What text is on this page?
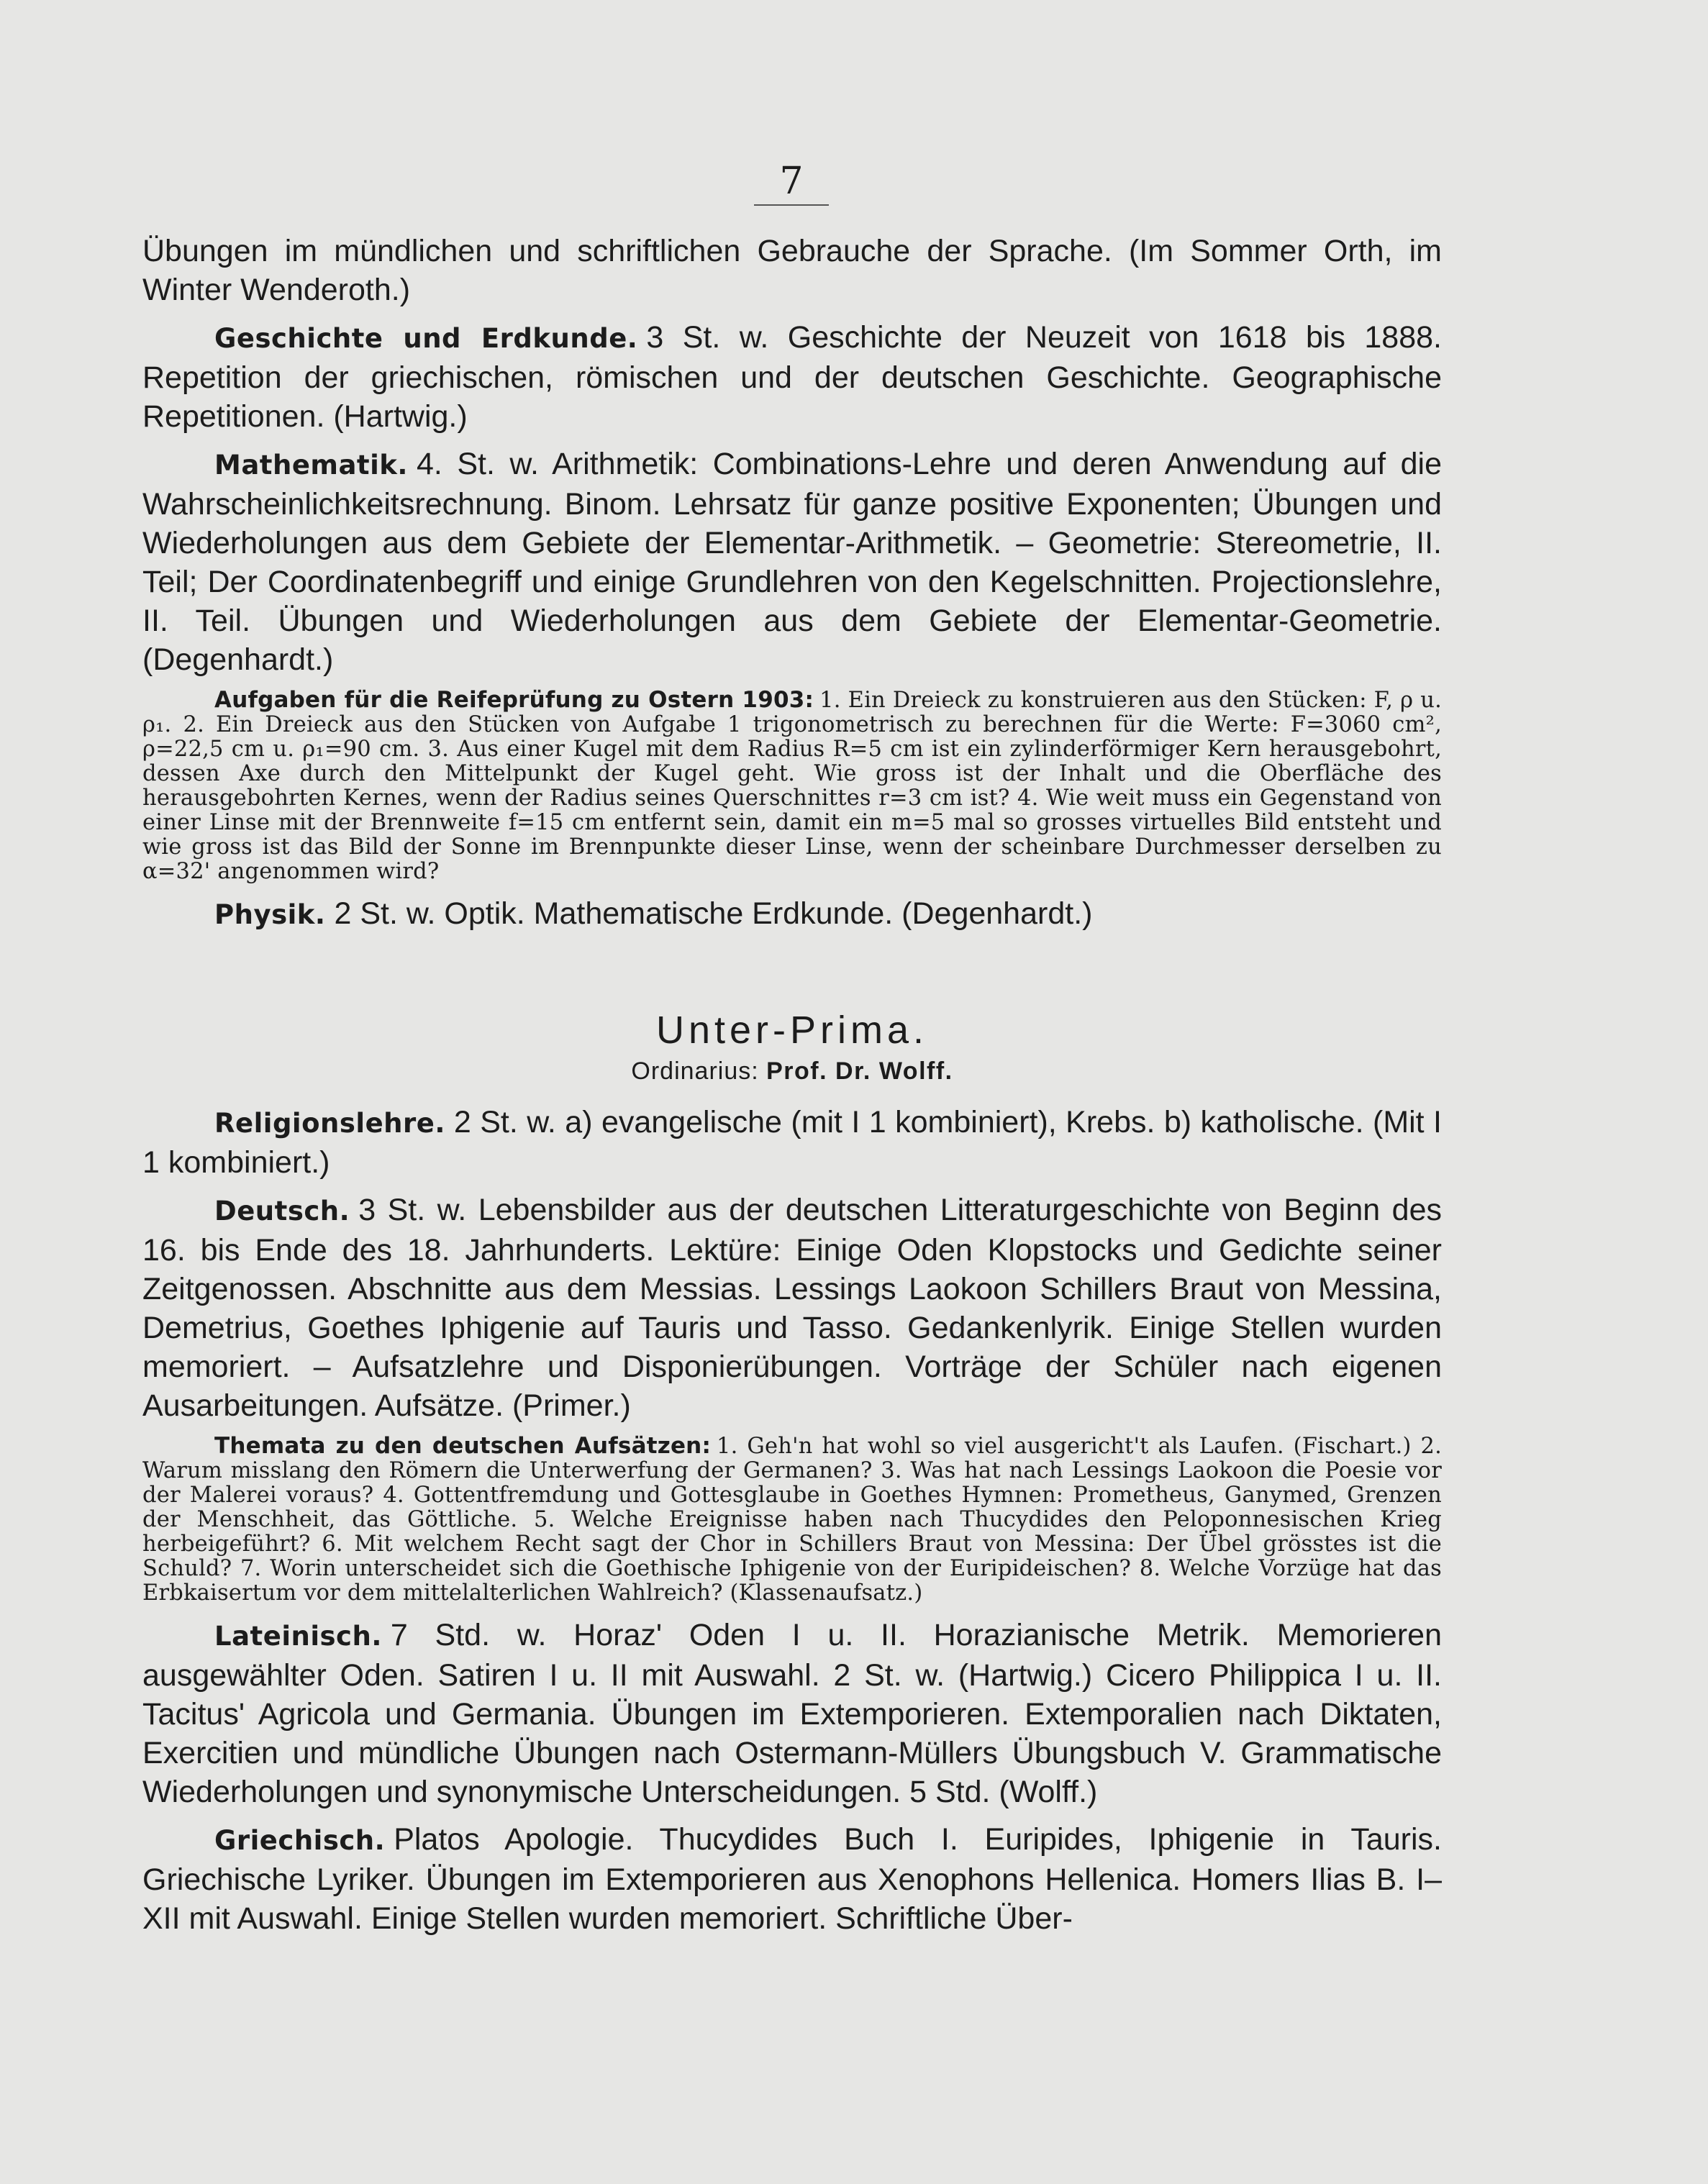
7

Übungen im mündlichen und schriftlichen Gebrauche der Sprache. (Im Sommer Orth, im Winter Wenderoth.)

Geschichte und Erdkunde. 3 St. w. Geschichte der Neuzeit von 1618 bis 1888. Repetition der griechischen, römischen und der deutschen Geschichte. Geographische Repetitionen. (Hartwig.)

Mathematik. 4. St. w. Arithmetik: Combinations-Lehre und deren Anwendung auf die Wahrscheinlichkeitsrechnung. Binom. Lehrsatz für ganze positive Exponenten; Übungen und Wiederholungen aus dem Gebiete der Elementar-Arithmetik. – Geometrie: Stereometrie, II. Teil; Der Coordinatenbegriff und einige Grundlehren von den Kegelschnitten. Projectionslehre, II. Teil. Übungen und Wiederholungen aus dem Gebiete der Elementar-Geometrie. (Degenhardt.)

Aufgaben für die Reifeprüfung zu Ostern 1903: 1. Ein Dreieck zu konstruieren aus den Stücken: F, ρ u. ρ₁. 2. Ein Dreieck aus den Stücken von Aufgabe 1 trigonometrisch zu berechnen für die Werte: F=3060 cm², ρ=22,5 cm u. ρ₁=90 cm. 3. Aus einer Kugel mit dem Radius R=5 cm ist ein zylinderförmiger Kern herausgebohrt, dessen Axe durch den Mittelpunkt der Kugel geht. Wie gross ist der Inhalt und die Oberfläche des herausgebohrten Kernes, wenn der Radius seines Querschnittes r=3 cm ist? 4. Wie weit muss ein Gegenstand von einer Linse mit der Brennweite f=15 cm entfernt sein, damit ein m=5 mal so grosses virtuelles Bild entsteht und wie gross ist das Bild der Sonne im Brennpunkte dieser Linse, wenn der scheinbare Durchmesser derselben zu α=32' angenommen wird?

Physik. 2 St. w. Optik. Mathematische Erdkunde. (Degenhardt.)

Unter-Prima.
Ordinarius: Prof. Dr. Wolff.

Religionslehre. 2 St. w. a) evangelische (mit I 1 kombiniert), Krebs. b) katholische. (Mit I 1 kombiniert.)

Deutsch. 3 St. w. Lebensbilder aus der deutschen Litteraturgeschichte von Beginn des 16. bis Ende des 18. Jahrhunderts. Lektüre: Einige Oden Klopstocks und Gedichte seiner Zeitgenossen. Abschnitte aus dem Messias. Lessings Laokoon Schillers Braut von Messina, Demetrius, Goethes Iphigenie auf Tauris und Tasso. Gedankenlyrik. Einige Stellen wurden memoriert. – Aufsatzlehre und Disponierübungen. Vorträge der Schüler nach eigenen Ausarbeitungen. Aufsätze. (Primer.)

Themata zu den deutschen Aufsätzen: 1. Geh'n hat wohl so viel ausgericht't als Laufen. (Fischart.) 2. Warum misslang den Römern die Unterwerfung der Germanen? 3. Was hat nach Lessings Laokoon die Poesie vor der Malerei voraus? 4. Gottentfremdung und Gottesglaube in Goethes Hymnen: Prometheus, Ganymed, Grenzen der Menschheit, das Göttliche. 5. Welche Ereignisse haben nach Thucydides den Peloponnesischen Krieg herbeigeführt? 6. Mit welchem Recht sagt der Chor in Schillers Braut von Messina: Der Übel grösstes ist die Schuld? 7. Worin unterscheidet sich die Goethische Iphigenie von der Euripideischen? 8. Welche Vorzüge hat das Erbkaisertum vor dem mittelalterlichen Wahlreich? (Klassenaufsatz.)

Lateinisch. 7 Std. w. Horaz' Oden I u. II. Horazianische Metrik. Memorieren ausgewählter Oden. Satiren I u. II mit Auswahl. 2 St. w. (Hartwig.) Cicero Philippica I u. II. Tacitus' Agricola und Germania. Übungen im Extemporieren. Extemporalien nach Diktaten, Exercitien und mündliche Übungen nach Ostermann-Müllers Übungsbuch V. Grammatische Wiederholungen und synonymische Unterscheidungen. 5 Std. (Wolff.)

Griechisch. Platos Apologie. Thucydides Buch I. Euripides, Iphigenie in Tauris. Griechische Lyriker. Übungen im Extemporieren aus Xenophons Hellenica. Homers Ilias B. I–XII mit Auswahl. Einige Stellen wurden memoriert. Schriftliche Über-
